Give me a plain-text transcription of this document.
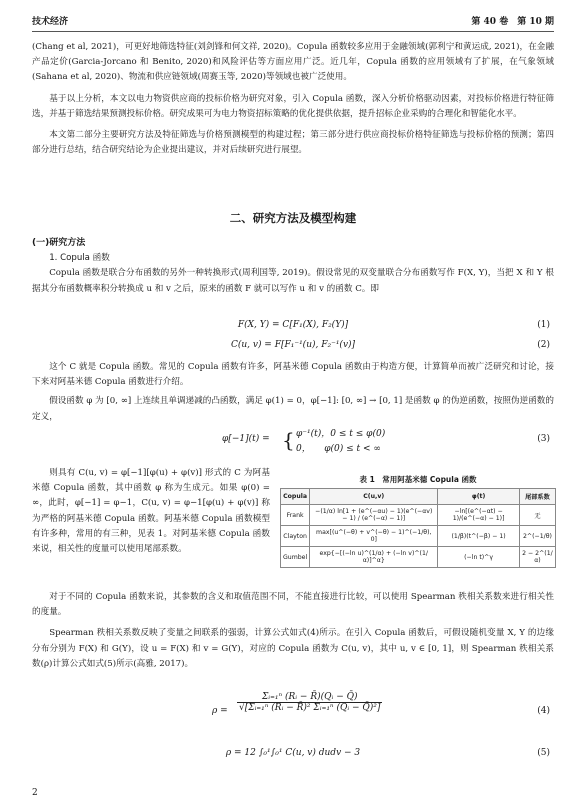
技术经济	第 40 卷　第 10 期

(Chang et al, 2021)，可更好地筛选特征(刘剑锋和何文祥, 2020)。Copula 函数较多应用于金融领域(郭利宁和黄运成, 2021)，在金融产品定价(Garcia-Jorcano 和 Benito, 2020)和风险评估等方面应用广泛。近几年，Copula 函数的应用领域有了扩展，在气象领域(Sahana et al, 2020)、物流和供应链领域(周赛玉等, 2020)等领域也被广泛使用。

基于以上分析，本文以电力物资供应商的投标价格为研究对象，引入 Copula 函数，深入分析价格驱动因素，对投标价格进行特征筛选，并基于筛选结果预测投标价格。研究成果可为电力物资招标策略的优化提供依据，提升招标企业采购的合理化和智能化水平。

本文第二部分主要研究方法及特征筛选与价格预测模型的构建过程；第三部分进行供应商投标价格特征筛选与投标价格的预测；第四部分进行总结，结合研究结论为企业提出建议，并对后续研究进行展望。

二、研究方法及模型构建
(一)研究方法
1. Copula 函数

Copula 函数是联合分布函数的另外一种转换形式(周利国等, 2019)。假设常见的双变量联合分布函数写作 F(X, Y)，当把 X 和 Y 根据其分布函数概率积分转换成 u 和 v 之后，原来的函数 F 就可以写作 u 和 v 的函数 C。即

F(X, Y) = C[F₁(X), F₂(Y)]	(1)
C(u, v) = F[F₁⁻¹(u), F₂⁻¹(v)]	(2)

这个 C 就是 Copula 函数。常见的 Copula 函数有许多，阿基米德 Copula 函数由于构造方便，计算简单而被广泛研究和讨论，接下来对阿基米德 Copula 函数进行介绍。

假设函数 φ 为 [0, ∞] 上连续且单调递减的凸函数，满足 φ(1) = 0，φ[−1]: [0, ∞] → [0, 1] 是函数 φ 的伪逆函数，按照伪逆函数的定义，

φ[−1](t) = { φ⁻¹(t)，0 ≤ t ≤ φ(0)
0，　　φ(0) ≤ t < ∞
(3)

则具有 C(u, v) = φ[−1][φ(u) + φ(v)] 形式的 C 为阿基米德 Copula 函数，其中函数 φ 称为生成元。如果 φ(0) = ∞，此时，φ[−1] = φ−1，C(u, v) = φ−1[φ(u) + φ(v)] 称为严格的阿基米德 Copula 函数。阿基米德 Copula 函数模型有许多种，常用的有三种，见表 1。对阿基米德 Copula 函数来说，相关性的度量可以使用尾部系数。

表 1　常用阿基米德 Copula 函数
Copula	C(u,v)	φ(t)	尾部系数
Frank	−(1/α) ln[1 + (e^(−αu) − 1)(e^(−αv) − 1) / (e^(−α) − 1)]	−ln[(e^(−αt) − 1)/(e^(−α) − 1)]	无
Clayton	max[(u^(−θ) + v^(−θ) − 1)^(−1/θ), 0]	(1/β)(t^(−β) − 1)	2^(−1/θ)
Gumbel	exp{−[(−ln u)^(1/α) + (−ln v)^(1/α)]^α}	(−ln t)^γ	2 − 2^(1/α)

对于不同的 Copula 函数来说，其参数的含义和取值范围不同，不能直接进行比较，可以使用 Spearman 秩相关系数来进行相关性的度量。

Spearman 秩相关系数反映了变量之间联系的强弱，计算公式如式(4)所示。在引入 Copula 函数后，可假设随机变量 X, Y 的边缘分布分别为 F(X) 和 G(Y)，设 u = F(X) 和 v = G(Y)，对应的 Copula 函数为 C(u, v)，其中 u, v ∈ [0, 1]，则 Spearman 秩相关系数(ρ)计算公式如式(5)所示(高雅, 2017)。

$\rho = \frac{\text{Σᵢ₌₁ⁿ (Rᵢ − R̄)(Qᵢ − Q̄)}}{\text{√[Σᵢ₌₁ⁿ (Rᵢ − R̄)² Σᵢ₌₁ⁿ (Qᵢ − Q̄)²]}}$	(4)
ρ = 12 ∫₀¹∫₀¹ C(u, v) dudv − 3	(5)
2
